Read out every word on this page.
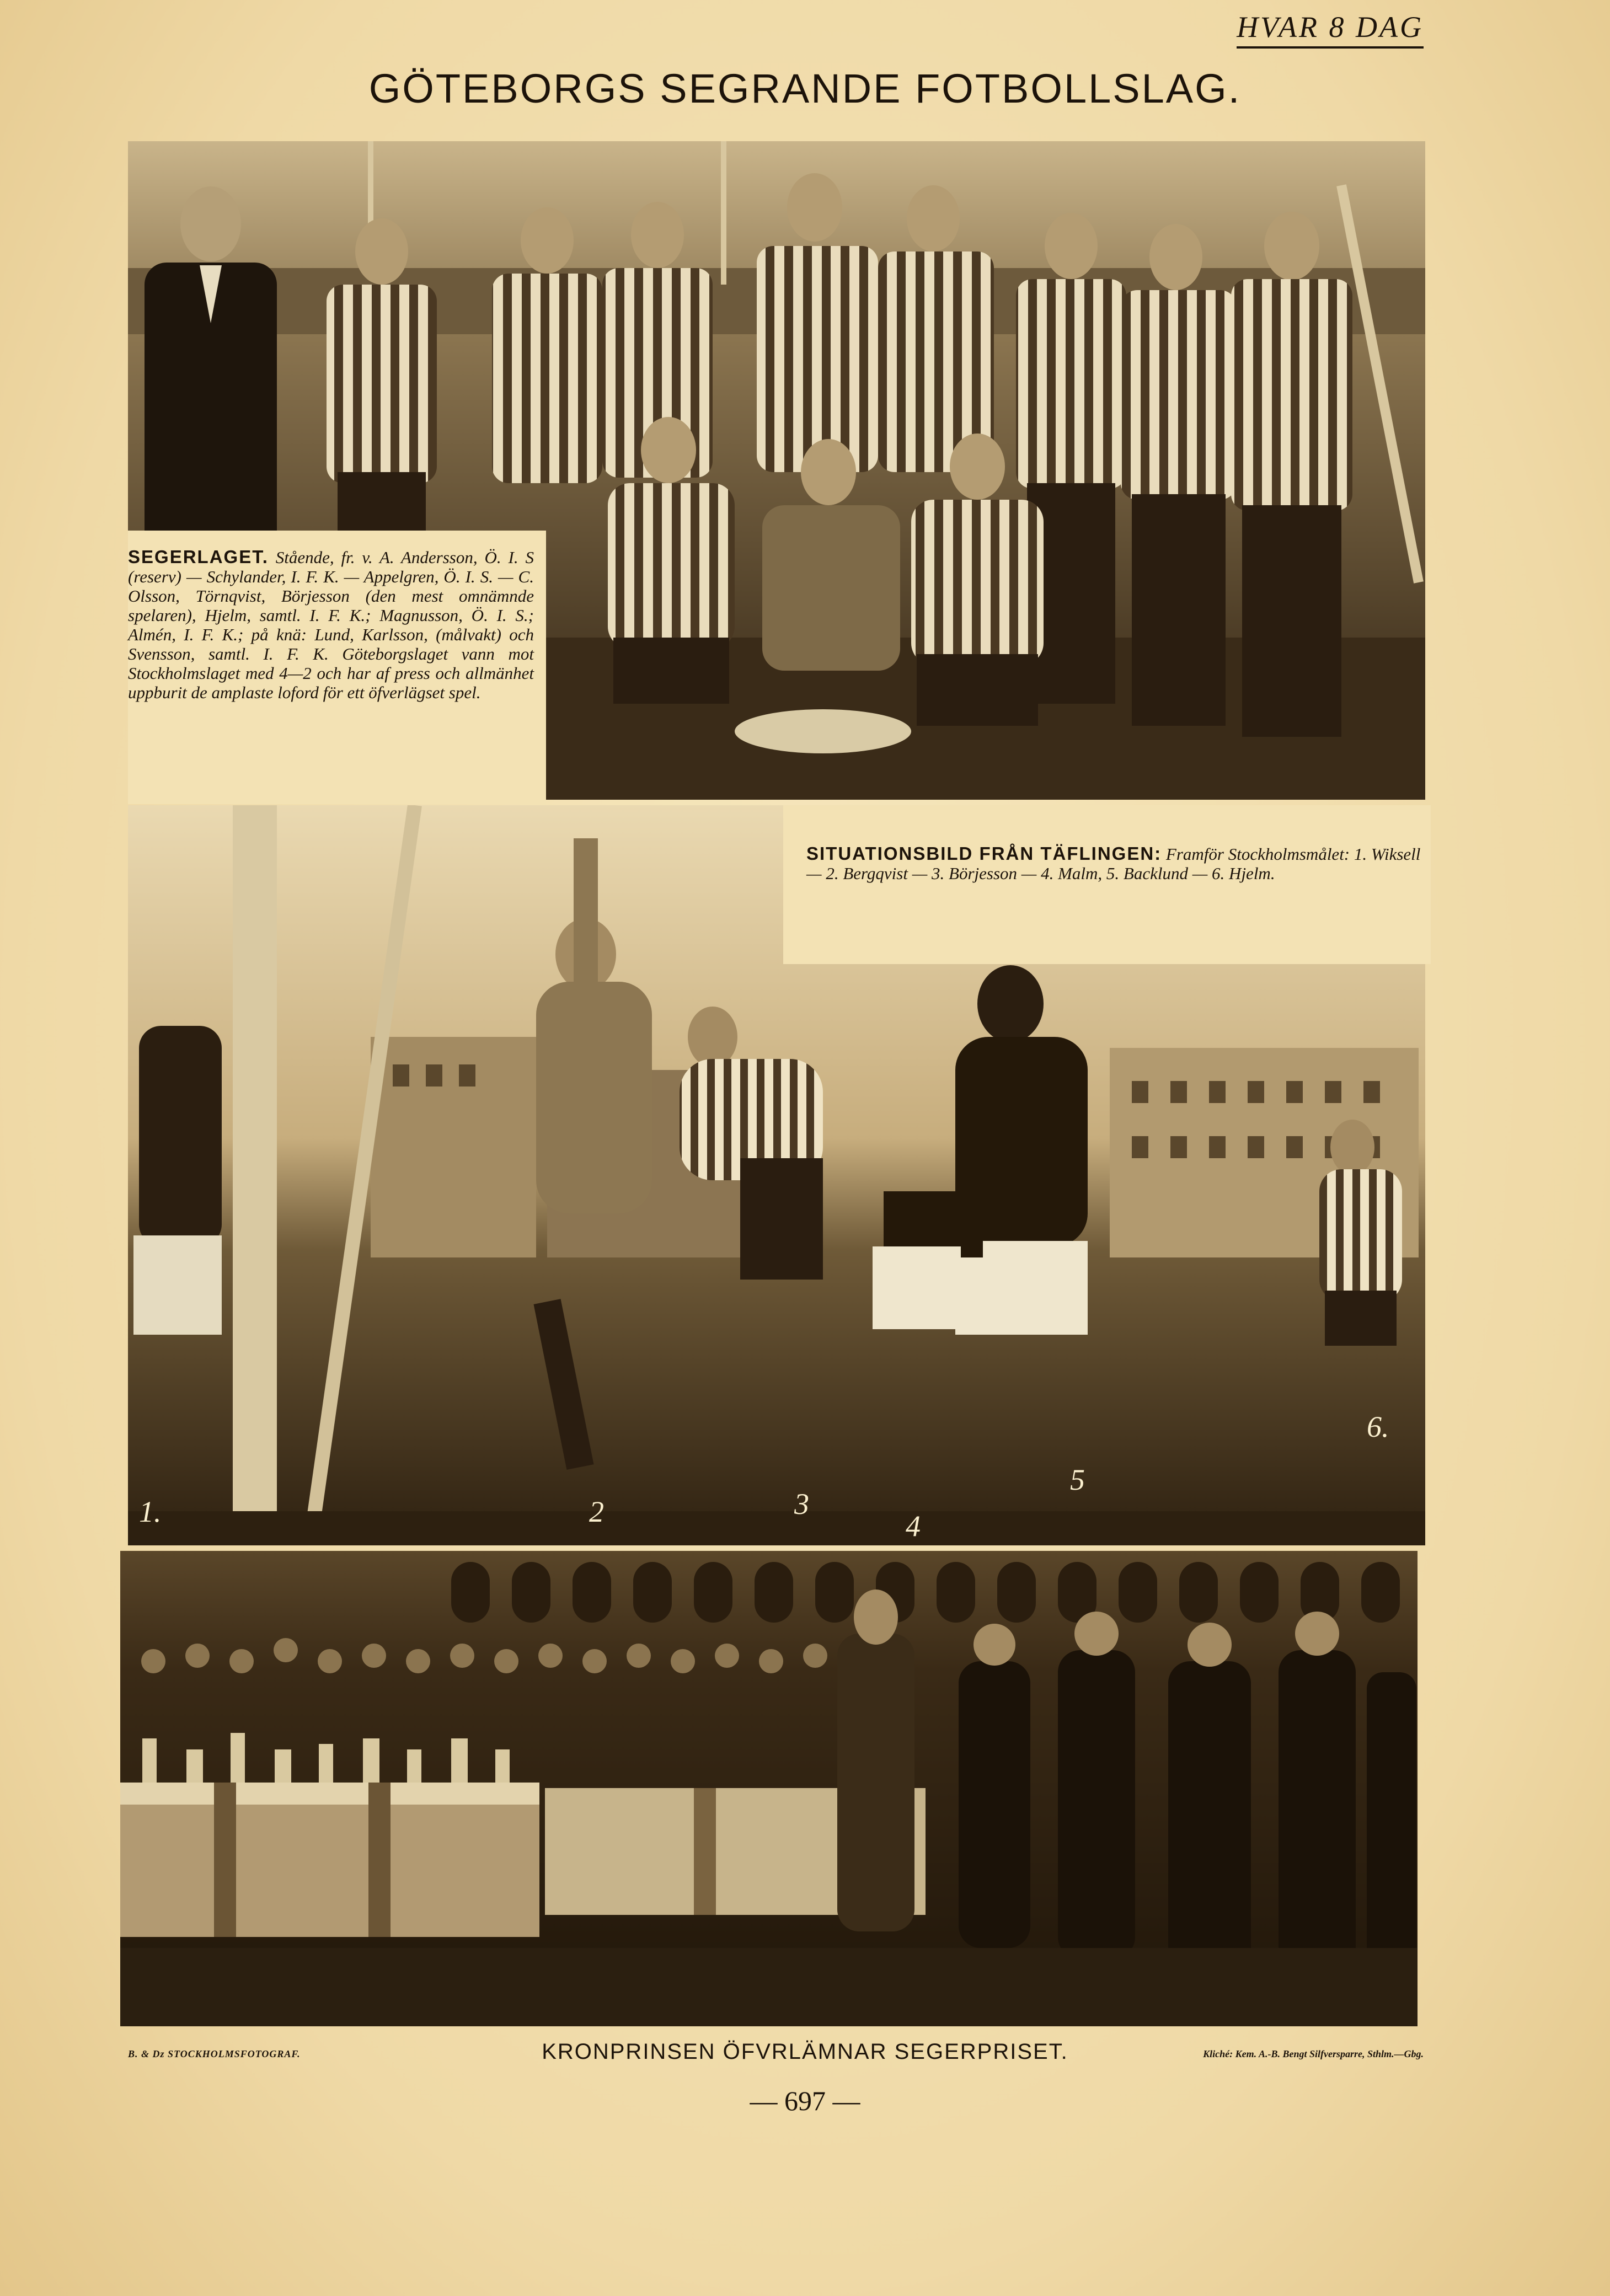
HVAR 8 DAG
GÖTEBORGS SEGRANDE FOTBOLLSLAG.
SEGERLAGET. Stående, fr. v. A. Andersson, Ö. I. S (reserv) — Schylander, I. F. K. — Appelgren, Ö. I. S. — C. Olsson, Törnqvist, Börjesson (den mest omnämnde spelaren), Hjelm, samtl. I. F. K.; Magnusson, Ö. I. S.; Almén, I. F. K.; på knä: Lund, Karlsson, (målvakt) och Svensson, samtl. I. F. K. Göteborgslaget vann mot Stockholmslaget med 4—2 och har af press och allmänhet uppburit de amplaste loford för ett öfverlägset spel.
1.	2	3
4
5
6.
SITUATIONSBILD FRÅN TÄFLINGEN: Framför Stockholmsmålet: 1. Wiksell — 2. Bergqvist — 3. Börjesson — 4. Malm, 5. Backlund — 6. Hjelm.
B. & Dz STOCKHOLMSFOTOGRAF.	KRONPRINSEN ÖFVRLÄMNAR SEGERPRISET.	Kliché: Kem. A.-B. Bengt Silfversparre, Sthlm.—Gbg.
— 697 —
